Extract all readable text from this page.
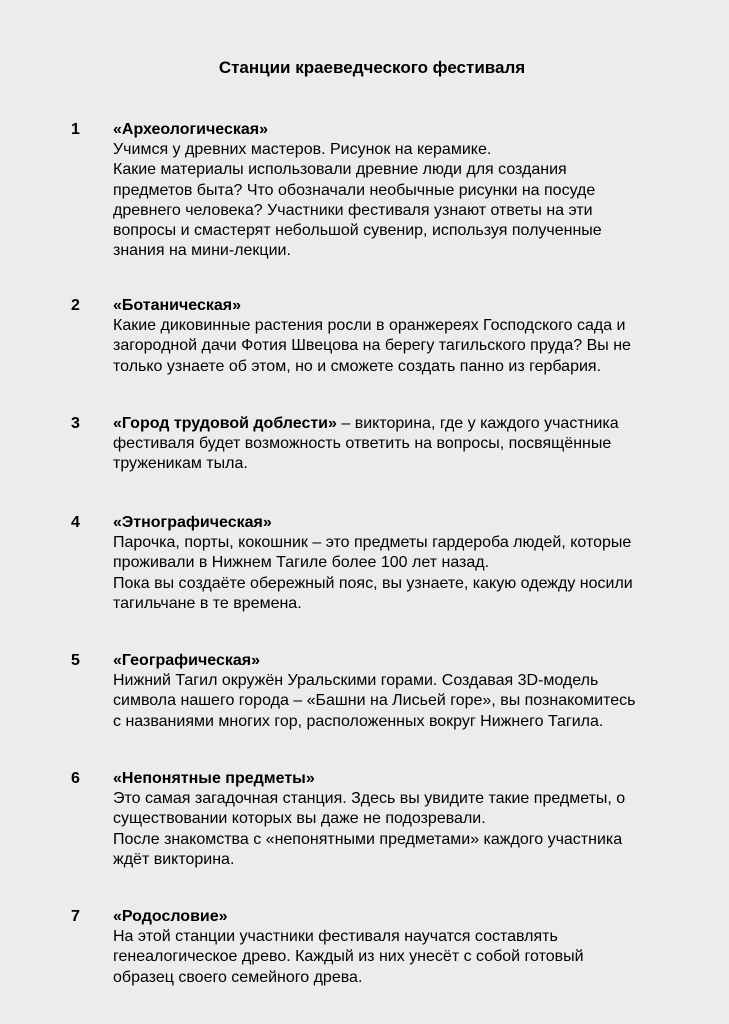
Станции краеведческого фестиваля
1	«Археологическая»
Учимся у древних мастеров. Рисунок на керамике.
Какие материалы использовали древние люди для создания
предметов быта? Что обозначали необычные рисунки на посуде
древнего человека? Участники фестиваля узнают ответы на эти
вопросы и смастерят небольшой сувенир, используя полученные
знания на мини-лекции.
2	«Ботаническая»
Какие диковинные растения росли в оранжереях Господского сада и
загородной дачи Фотия Швецова на берегу тагильского пруда? Вы не
только узнаете об этом, но и сможете создать панно из гербария.
3	«Город трудовой доблести» – викторина, где у каждого участника
фестиваля будет возможность ответить на вопросы, посвящённые
труженикам тыла.
4	«Этнографическая»
Парочка, порты, кокошник – это предметы гардероба людей, которые
проживали в Нижнем Тагиле более 100 лет назад.
Пока вы создаёте обережный пояс, вы узнаете, какую одежду носили
тагильчане в те времена.
5	«Географическая»
Нижний Тагил окружён Уральскими горами. Создавая 3D-модель
символа нашего города – «Башни на Лисьей горе», вы познакомитесь
с названиями многих гор, расположенных вокруг Нижнего Тагила.
6	«Непонятные предметы»
Это самая загадочная станция. Здесь вы увидите такие предметы, о
существовании которых вы даже не подозревали.
После знакомства с «непонятными предметами» каждого участника
ждёт викторина.
7	«Родословие»
На этой станции участники фестиваля научатся составлять
генеалогическое древо. Каждый из них унесёт с собой готовый
образец своего семейного древа.
